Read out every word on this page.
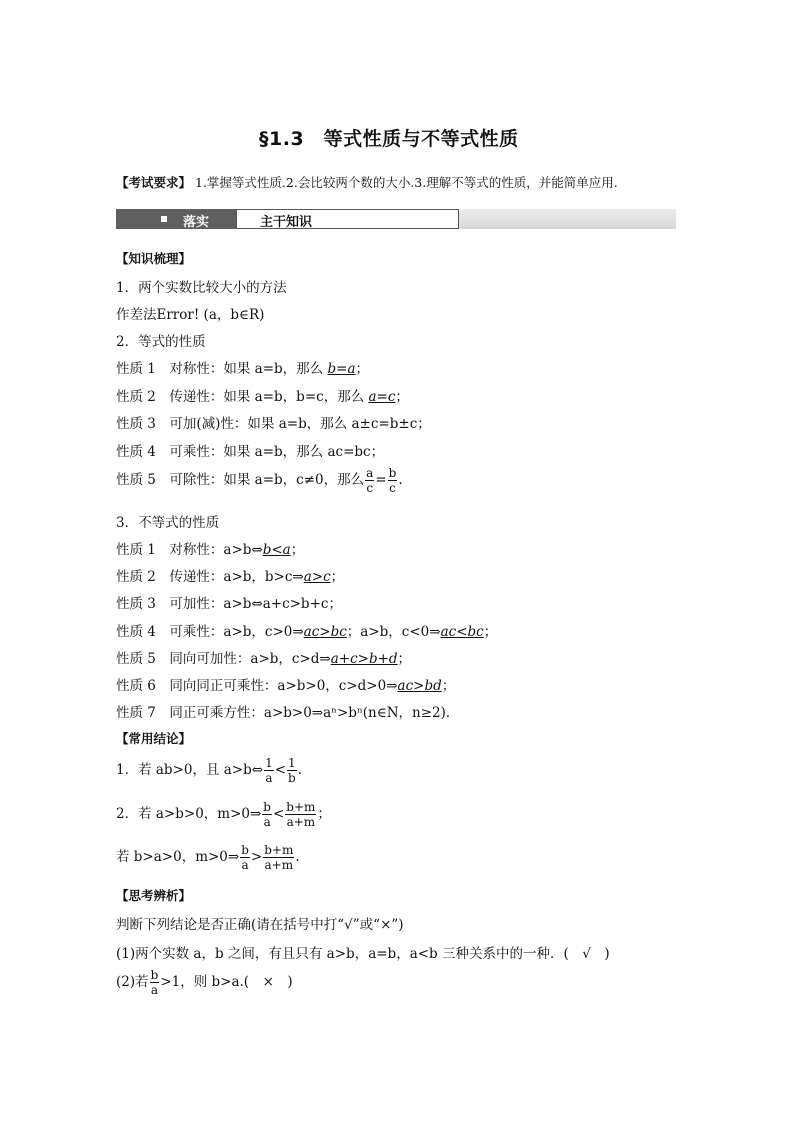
§1.3　等式性质与不等式性质
【考试要求】 1.掌握等式性质.2.会比较两个数的大小.3.理解不等式的性质，并能简单应用.
落实	主干知识
【知识梳理】
1．两个实数比较大小的方法
作差法Error! (a，b∈R)
2．等式的性质
性质 1　 对称性：如果 a=b，那么 b=a；
性质 2　 传递性：如果 a=b，b=c，那么 a=c；
性质 3　 可加(减)性：如果 a=b，那么 a±c=b±c；
性质 4　 可乘性：如果 a=b，那么 ac=bc；
性质 5　 可除性：如果 a=b，c≠0，那么 $\frac{a}{c} = \frac{b}{c}$ .
3．不等式的性质
性质 1　 对称性：a>b⇔b<a；
性质 2　 传递性：a>b，b>c⇒a>c；
性质 3　 可加性：a>b⇔a+c>b+c；
性质 4　 可乘性：a>b，c>0⇒ac>bc；a>b，c<0⇒ac<bc；
性质 5　 同向可加性：a>b，c>d⇒a+c>b+d；
性质 6　 同向同正可乘性：a>b>0，c>d>0⇒ac>bd；
性质 7　 同正可乘方性：a>b>0⇒aⁿ>bⁿ(n∈N，n≥2)．
【常用结论】
1．若 ab>0，且 a>b⇔ $\frac{1}{a} < \frac{1}{b}$ .
2．若 a>b>0，m>0⇒ $\frac{b}{a} < \frac{b+m}{a+m}$ ；
若 b>a>0，m>0⇒ $\frac{b}{a} > \frac{b+m}{a+m}$ .
【思考辨析】
判断下列结论是否正确(请在括号中打“√”或“×”)
(1)两个实数 a，b 之间，有且只有 a>b，a=b，a<b 三种关系中的一种．(　√　)
(2)若 $\frac{b}{a} >1$，则 b>a.(　×　)
